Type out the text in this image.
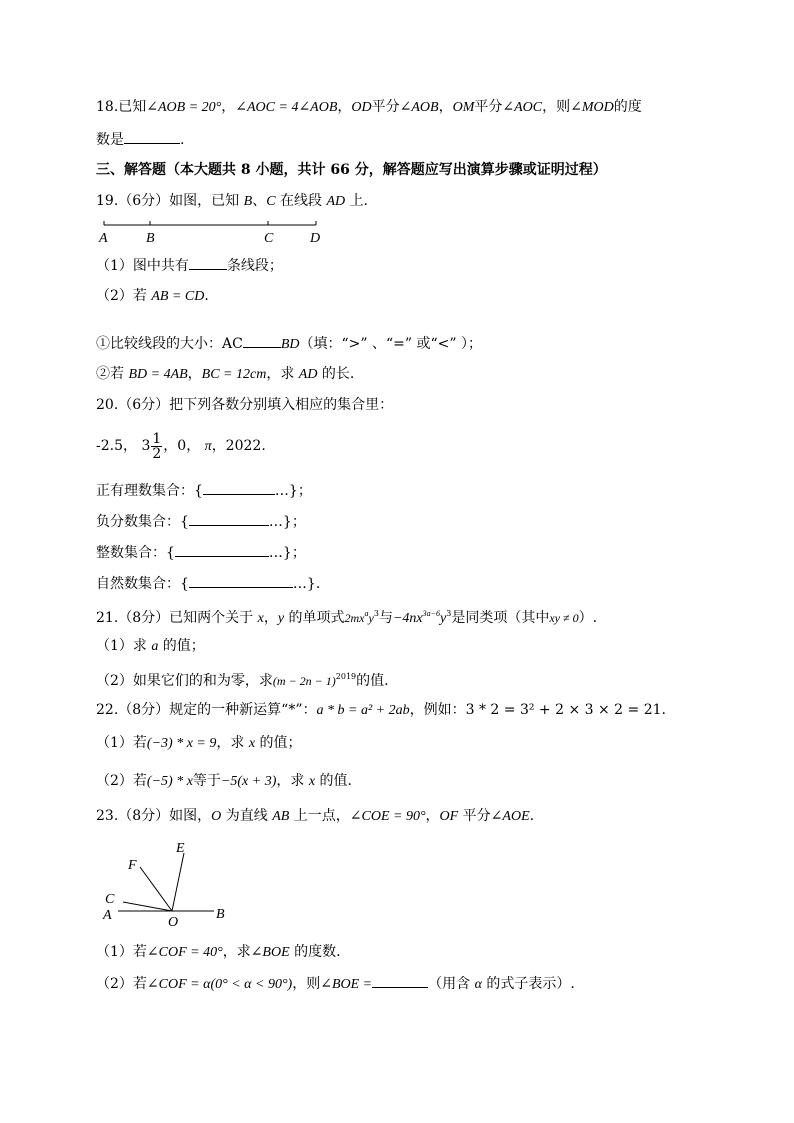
18.已知∠AOB = 20°，∠AOC = 4∠AOB，OD平分∠AOB，OM平分∠AOC，则∠MOD的度
数是	.
三、解答题（本大题共 8 小题，共计 66 分，解答题应写出演算步骤或证明过程）
19.（6分）如图，已知 B、C 在线段 AD 上.
A	B	C	D
（1）图中共有	条线段；
（2）若 AB = CD.
①比较线段的大小：AC	BD（填：“>” 、“=” 或“<” ）；
②若 BD = 4AB，BC = 12cm，求 AD 的长.
20.（6分）把下列各数分别填入相应的集合里：
-2.5， $3 \frac{1}{2}$ ，0， π，2022.
正有理数集合：{	…}；
负分数集合：{	…}；
整数集合：{	…}；
自然数集合：{	…}.
21.（8分）已知两个关于 x，y 的单项式$2mx^ay^3$与$-4nx^{3a-6}y^3$是同类项（其中xy ≠ 0）.
（1）求 a 的值；
（2）如果它们的和为零，求$(m - 2n - 1)^{2019}$的值.
22.（8分）规定的一种新运算“*”：a * b = a² + 2ab，例如：3 * 2 = 3² + 2 × 3 × 2 = 21.
（1）若(−3) * x = 9，求 x 的值；
（2）若(−5) * x等于−5(x + 3)，求 x 的值.
23.（8分）如图，O 为直线 AB 上一点，∠COE = 90°，OF 平分∠AOE.
E
F
C
A	O
B
（1）若∠COF = 40°，求∠BOE 的度数.
（2）若∠COF = α(0° < α < 90°)，则∠BOE =	（用含 α 的式子表示）.
